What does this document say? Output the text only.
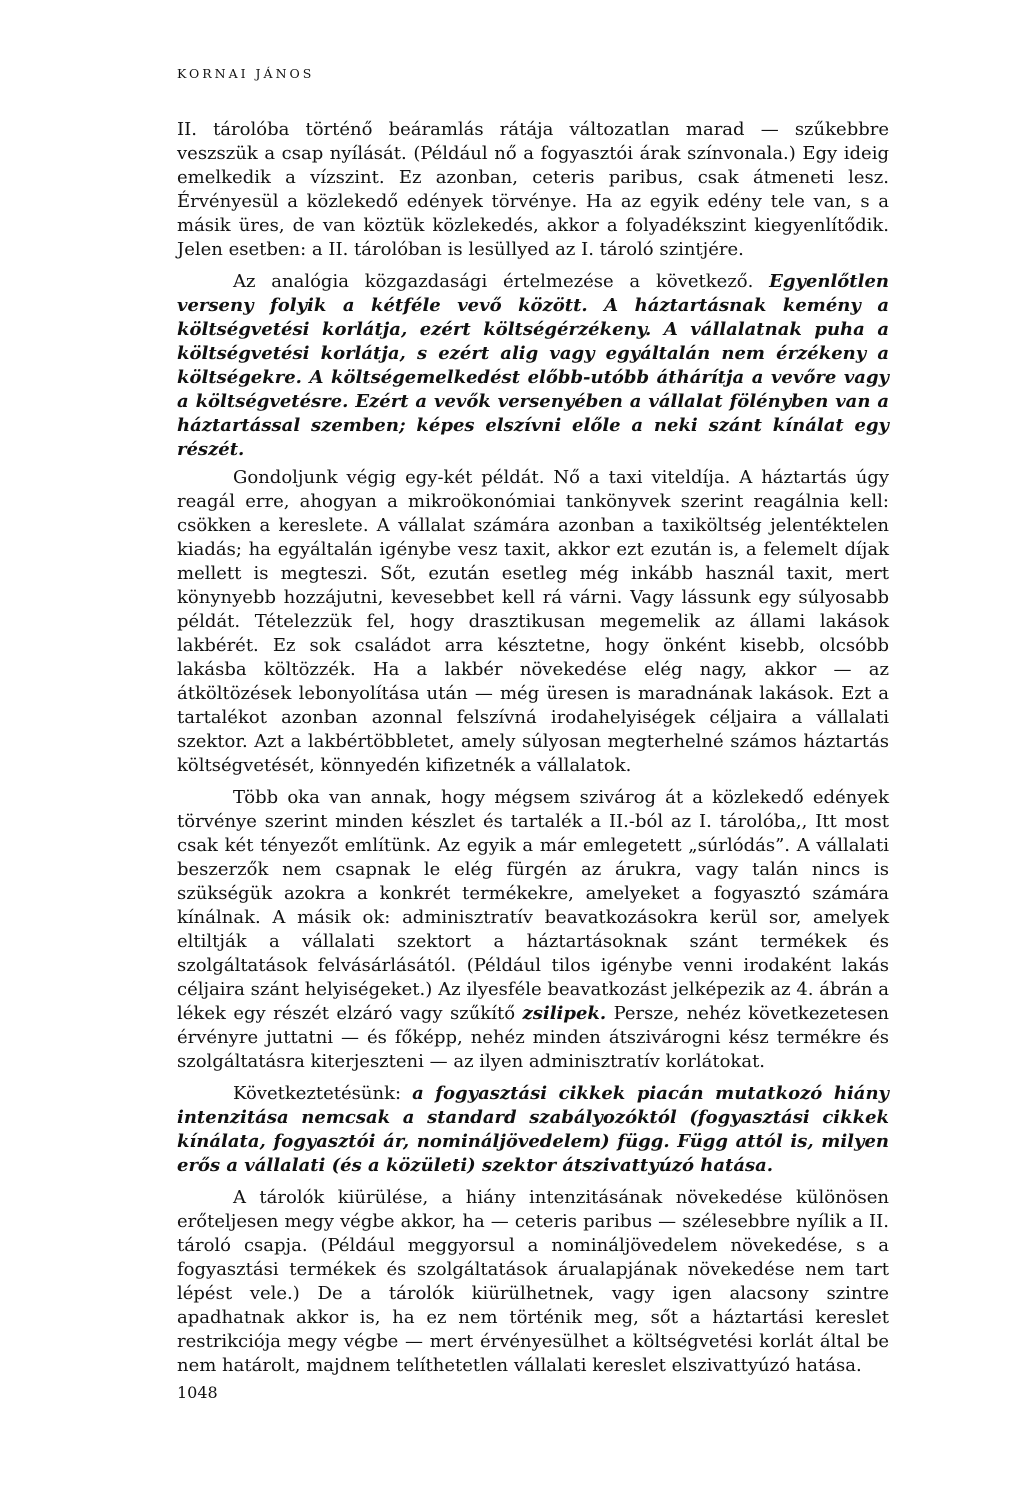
KORNAI JÁNOS

II. tárolóba történő beáramlás rátája változatlan marad — szűkebbre veszszük a csap nyílását. (Például nő a fogyasztói árak színvonala.) Egy ideig emelkedik a vízszint. Ez azonban, ceteris paribus, csak átmeneti lesz. Érvényesül a közlekedő edények törvénye. Ha az egyik edény tele van, s a másik üres, de van köztük közlekedés, akkor a folyadékszint kiegyenlítődik. Jelen esetben: a II. tárolóban is lesüllyed az I. tároló szintjére.

Az analógia közgazdasági értelmezése a következő. Egyenlőtlen verseny folyik a kétféle vevő között. A háztartásnak kemény a költségvetési korlátja, ezért költségérzékeny. A vállalatnak puha a költségvetési korlátja, s ezért alig vagy egyáltalán nem érzékeny a költségekre. A költségemelkedést előbb-utóbb áthárítja a vevőre vagy a költségvetésre. Ezért a vevők versenyében a vállalat fölényben van a háztartással szemben; képes elszívni előle a neki szánt kínálat egy részét.

Gondoljunk végig egy-két példát. Nő a taxi viteldíja. A háztartás úgy reagál erre, ahogyan a mikroökonómiai tankönyvek szerint reagálnia kell: csökken a kereslete. A vállalat számára azonban a taxiköltség jelentéktelen kiadás; ha egyáltalán igénybe vesz taxit, akkor ezt ezután is, a felemelt díjak mellett is megteszi. Sőt, ezután esetleg még inkább használ taxit, mert könynyebb hozzájutni, kevesebbet kell rá várni. Vagy lássunk egy súlyosabb példát. Tételezzük fel, hogy drasztikusan megemelik az állami lakások lakbérét. Ez sok családot arra késztetne, hogy önként kisebb, olcsóbb lakásba költözzék. Ha a lakbér növekedése elég nagy, akkor — az átköltözések lebonyolítása után — még üresen is maradnának lakások. Ezt a tartalékot azonban azonnal felszívná irodahelyiségek céljaira a vállalati szektor. Azt a lakbértöbbletet, amely súlyosan megterhelné számos háztartás költségvetését, könnyedén kifizetnék a vállalatok.

Több oka van annak, hogy mégsem szivárog át a közlekedő edények törvénye szerint minden készlet és tartalék a II.-ból az I. tárolóba,, Itt most csak két tényezőt említünk. Az egyik a már emlegetett „súrlódás”. A vállalati beszerzők nem csapnak le elég fürgén az árukra, vagy talán nincs is szükségük azokra a konkrét termékekre, amelyeket a fogyasztó számára kínálnak. A másik ok: adminisztratív beavatkozásokra kerül sor, amelyek eltiltják a vállalati szektort a háztartásoknak szánt termékek és szolgáltatások felvásárlásától. (Például tilos igénybe venni irodaként lakás céljaira szánt helyiségeket.) Az ilyesféle beavatkozást jelképezik az 4. ábrán a lékek egy részét elzáró vagy szűkítő zsilipek. Persze, nehéz következetesen érvényre juttatni — és főképp, nehéz minden átszivárogni kész termékre és szolgáltatásra kiterjeszteni — az ilyen adminisztratív korlátokat.

Következtetésünk: a fogyasztási cikkek piacán mutatkozó hiány intenzitása nemcsak a standard szabályozóktól (fogyasztási cikkek kínálata, fogyasztói ár, nomináljövedelem) függ. Függ attól is, milyen erős a vállalati (és a közületi) szektor átszivattyúzó hatása.

A tárolók kiürülése, a hiány intenzitásának növekedése különösen erőteljesen megy végbe akkor, ha — ceteris paribus — szélesebbre nyílik a II. tároló csapja. (Például meggyorsul a nomináljövedelem növekedése, s a fogyasztási termékek és szolgáltatások árualapjának növekedése nem tart lépést vele.) De a tárolók kiürülhetnek, vagy igen alacsony szintre apadhatnak akkor is, ha ez nem történik meg, sőt a háztartási kereslet restrikciója megy végbe — mert érvényesülhet a költségvetési korlát által be nem határolt, majdnem telíthetetlen vállalati kereslet elszivattyúzó hatása.

1048
